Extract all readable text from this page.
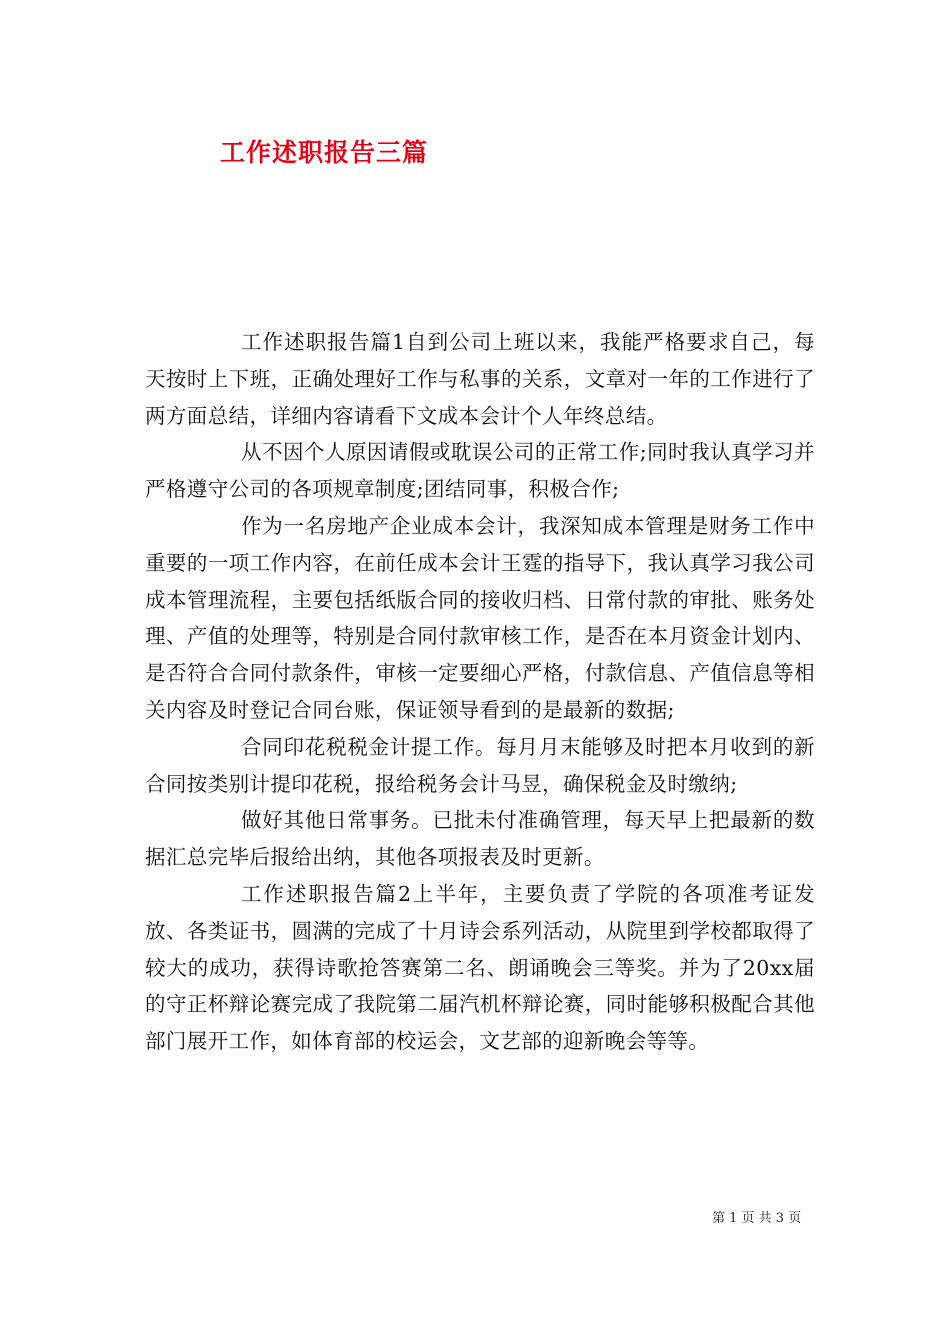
工作述职报告三篇

工作述职报告篇1自到公司上班以来，我能严格要求自己，每天按时上下班，正确处理好工作与私事的关系，文章对一年的工作进行了两方面总结，详细内容请看下文成本会计个人年终总结。

从不因个人原因请假或耽误公司的正常工作;同时我认真学习并严格遵守公司的各项规章制度;团结同事，积极合作;

作为一名房地产企业成本会计，我深知成本管理是财务工作中重要的一项工作内容，在前任成本会计王霆的指导下，我认真学习我公司成本管理流程，主要包括纸版合同的接收归档、日常付款的审批、账务处理、产值的处理等，特别是合同付款审核工作，是否在本月资金计划内、是否符合合同付款条件，审核一定要细心严格，付款信息、产值信息等相关内容及时登记合同台账，保证领导看到的是最新的数据;

合同印花税税金计提工作。每月月末能够及时把本月收到的新合同按类别计提印花税，报给税务会计马昱，确保税金及时缴纳;

做好其他日常事务。已批未付准确管理，每天早上把最新的数据汇总完毕后报给出纳，其他各项报表及时更新。

工作述职报告篇2上半年，主要负责了学院的各项准考证发放、各类证书，圆满的完成了十月诗会系列活动，从院里到学校都取得了较大的成功，获得诗歌抢答赛第二名、朗诵晚会三等奖。并为了20xx届的守正杯辩论赛完成了我院第二届汽机杯辩论赛，同时能够积极配合其他部门展开工作，如体育部的校运会，文艺部的迎新晚会等等。

第 1 页 共 3 页
